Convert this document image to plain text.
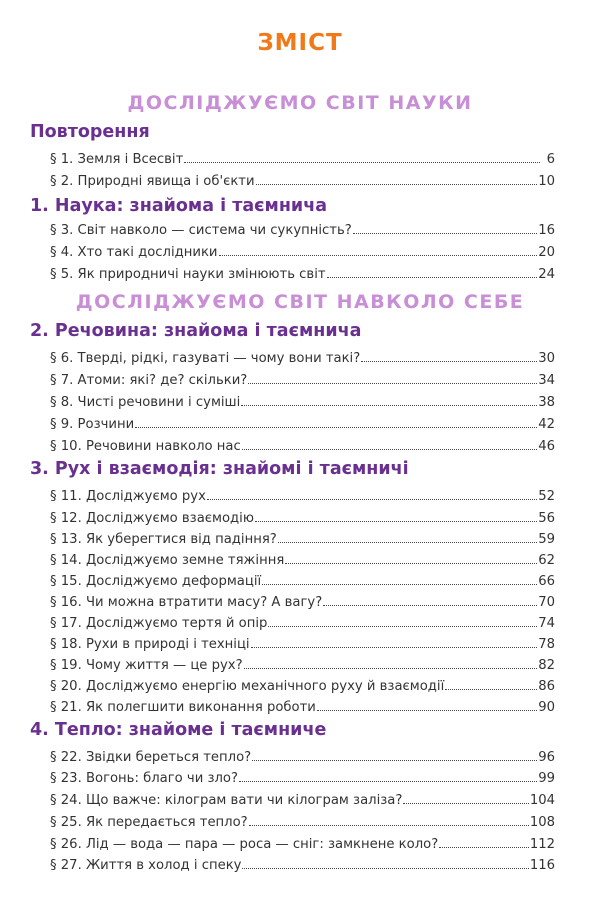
ЗМІСТ
ДОСЛІДЖУЄМО СВІТ НАУКИ
Повторення
§ 1. Земля і Всесвіт	6
§ 2. Природні явища і об'єкти	10
1. Наука: знайома і таємнича
§ 3. Світ навколо — система чи сукупність?	16
§ 4. Хто такі дослідники	20
§ 5. Як природничі науки змінюють світ	24
ДОСЛІДЖУЄМО СВІТ НАВКОЛО СЕБЕ
2. Речовина: знайома і таємнича
§ 6. Тверді, рідкі, газуваті — чому вони такі?	30
§ 7. Атоми: які? де? скільки?	34
§ 8. Чисті речовини і суміші	38
§ 9. Розчини	42
§ 10. Речовини навколо нас	46
3. Рух і взаємодія: знайомі і таємничі
§ 11. Досліджуємо рух	52
§ 12. Досліджуємо взаємодію	56
§ 13. Як уберегтися від падіння?	59
§ 14. Досліджуємо земне тяжіння	62
§ 15. Досліджуємо деформації	66
§ 16. Чи можна втратити масу? А вагу?	70
§ 17. Досліджуємо тертя й опір	74
§ 18. Рухи в природі і техніці	78
§ 19. Чому життя — це рух?	82
§ 20. Досліджуємо енергію механічного руху й взаємодії	86
§ 21. Як полегшити виконання роботи	90
4. Тепло: знайоме і таємниче
§ 22. Звідки береться тепло?	96
§ 23. Вогонь: благо чи зло?	99
§ 24. Що важче: кілограм вати чи кілограм заліза?	104
§ 25. Як передається тепло?	108
§ 26. Лід — вода — пара — роса — сніг: замкнене коло?	112
§ 27. Життя в холод і спеку	116
